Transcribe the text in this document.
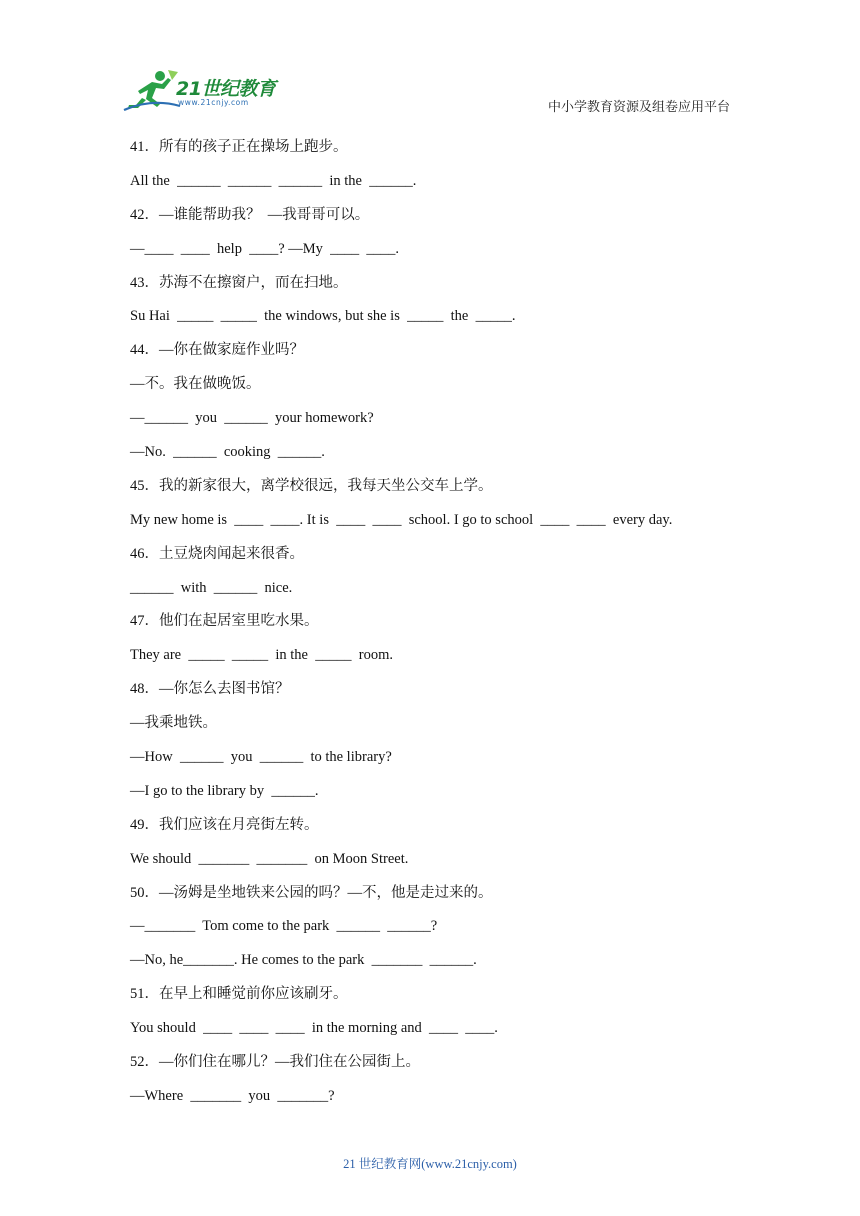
21世纪教育
www.21cnjy.com	中小学教育资源及组卷应用平台
41．所有的孩子正在操场上跑步。
All the  ______  ______  ______  in the  ______.
42．—谁能帮助我？  —我哥哥可以。
—____  ____  help  ____? —My  ____  ____.
43．苏海不在擦窗户，而在扫地。
Su Hai  _____  _____  the windows, but she is  _____  the  _____.
44．—你在做家庭作业吗？
—不。我在做晚饭。
—______  you  ______  your homework?
—No.  ______  cooking  ______.
45．我的新家很大，离学校很远，我每天坐公交车上学。
My new home is  ____  ____. It is  ____  ____  school. I go to school  ____  ____  every day.
46．土豆烧肉闻起来很香。
______  with  ______  nice.
47．他们在起居室里吃水果。
They are  _____  _____  in the  _____  room.
48．—你怎么去图书馆？
—我乘地铁。
—How  ______  you  ______  to the library?
—I go to the library by  ______.
49．我们应该在月亮街左转。
We should  _______  _______  on Moon Street.
50．—汤姆是坐地铁来公园的吗？—不，他是走过来的。
—_______  Tom come to the park  ______  ______?
—No, he_______. He comes to the park  _______  ______.
51．在早上和睡觉前你应该刷牙。
You should  ____  ____  ____  in the morning and  ____  ____.
52．—你们住在哪儿？—我们住在公园街上。
—Where  _______  you  _______?
21 世纪教育网(www.21cnjy.com)
